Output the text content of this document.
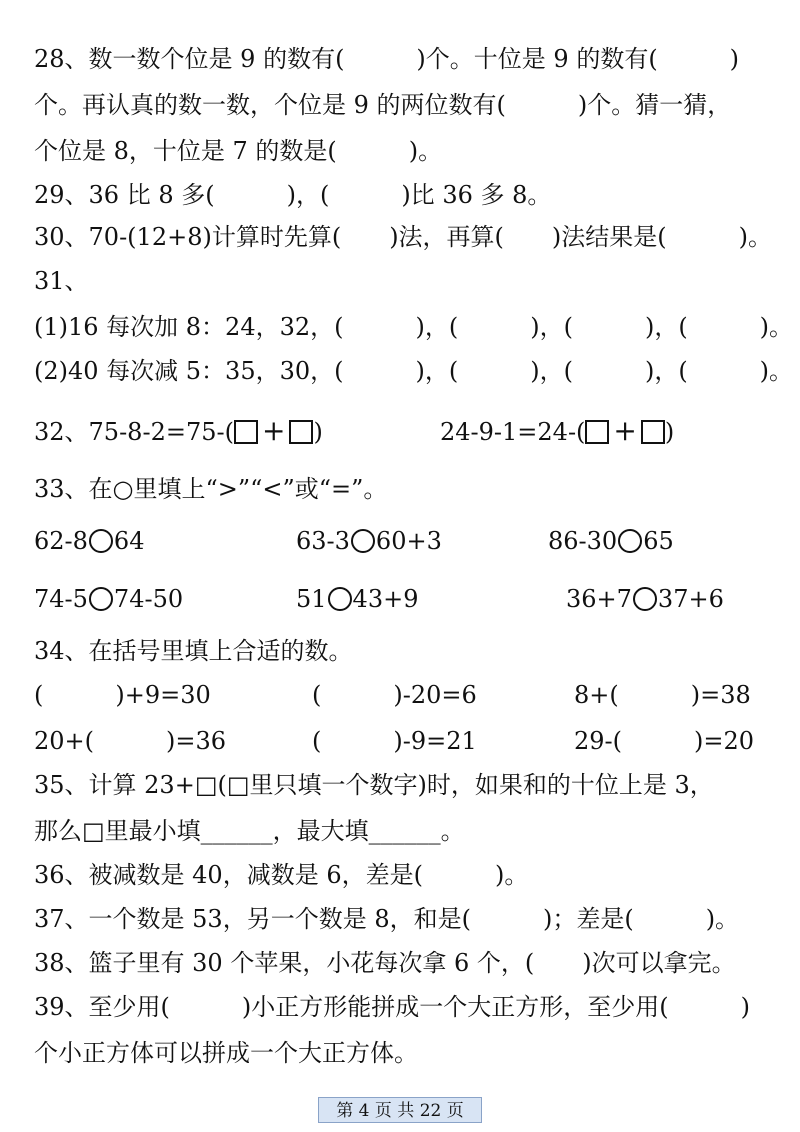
28、数一数个位是 9 的数有(　　　)个。十位是 9 的数有(　　　)
个。再认真的数一数，个位是 9 的两位数有(　　　)个。猜一猜，
个位是 8，十位是 7 的数是(　　　)。
29、36 比 8 多(　　　)，(　　　)比 36 多 8。
30、70-(12+8)计算时先算(　　)法，再算(　　)法结果是(　　　)。
31、
(1)16 每次加 8：24，32，(　　　)，(　　　)，(　　　)，(　　　)。
(2)40 每次减 5：35，30，(　　　)，(　　　)，(　　　)，(　　　)。
32、75-8-2=75-( + )	24-9-1=24-( + )
33、在○里填上“>”“<”或“=”。
62-8 64	63-3 60+3	86-30 65
74-5 74-50	51 43+9	36+7 37+6
34、在括号里填上合适的数。
(　　　)+9=30	(　　　)-20=6	8+(　　　)=38
20+(　　　)=36	(　　　)-9=21	29-(　　　)=20
35、计算 23+□(□里只填一个数字)时，如果和的十位上是 3，
那么□里最小填______，最大填______。
36、被减数是 40，减数是 6，差是(　　　)。
37、一个数是 53，另一个数是 8，和是(　　　)；差是(　　　)。
38、篮子里有 30 个苹果，小花每次拿 6 个，(　　)次可以拿完。
39、至少用(　　　)小正方形能拼成一个大正方形，至少用(　　　)
个小正方体可以拼成一个大正方体。
第 4 页 共 22 页
